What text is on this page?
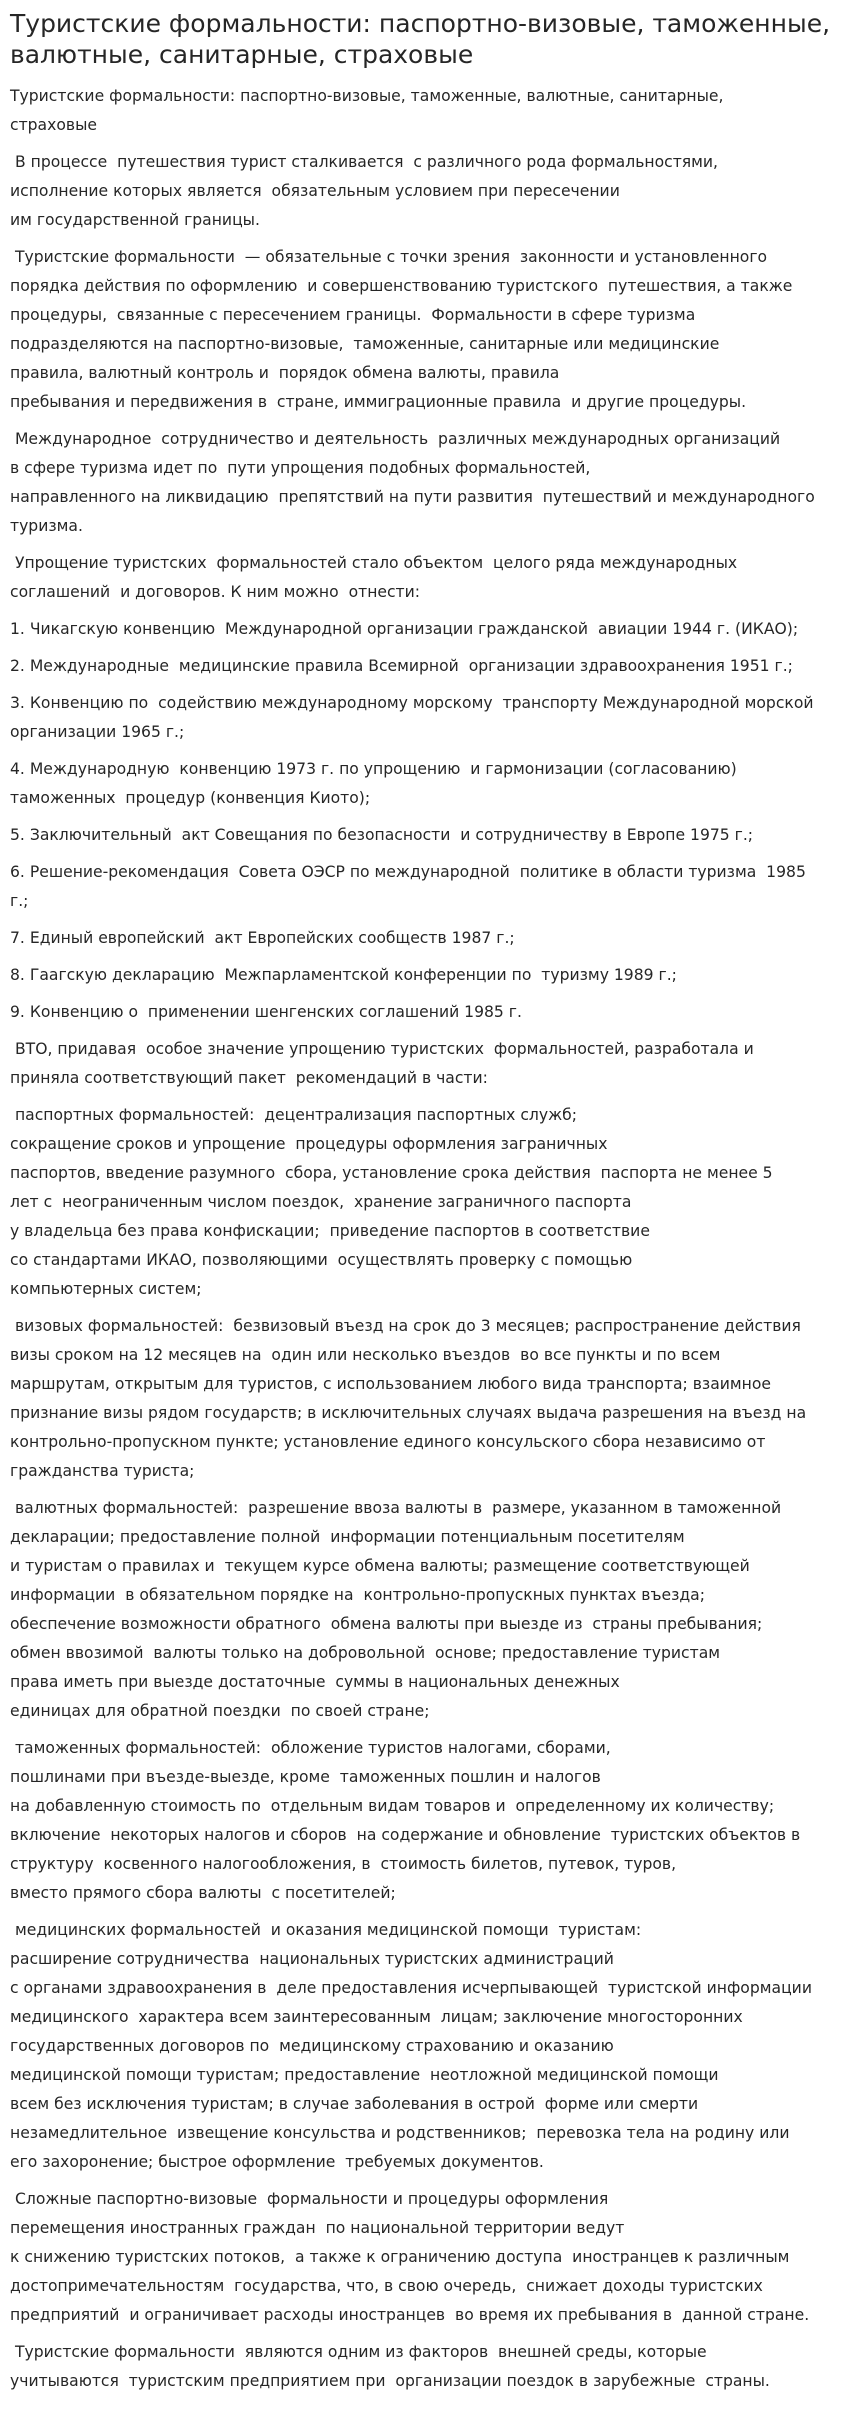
Туристские формальности: паспортно-визовые, таможенные, валютные, санитарные, страховые

Туристские формальности: паспортно-визовые, таможенные, валютные, санитарные,
страховые

В процессе  путешествия турист сталкивается  с различного рода формальностями,
исполнение которых является  обязательным условием при пересечении
им государственной границы.

Туристские формальности  — обязательные с точки зрения  законности и установленного
порядка действия по оформлению  и совершенствованию туристского  путешествия, а также
процедуры,  связанные с пересечением границы.  Формальности в сфере туризма
подразделяются на паспортно-визовые,  таможенные, санитарные или медицинские
правила, валютный контроль и  порядок обмена валюты, правила
пребывания и передвижения в  стране, иммиграционные правила  и другие процедуры.

Международное  сотрудничество и деятельность  различных международных организаций
в сфере туризма идет по  пути упрощения подобных формальностей,
направленного на ликвидацию  препятствий на пути развития  путешествий и международного
туризма.

Упрощение туристских  формальностей стало объектом  целого ряда международных
соглашений  и договоров. К ним можно  отнести:

1. Чикагскую конвенцию  Международной организации гражданской  авиации 1944 г. (ИКАО);

2. Международные  медицинские правила Всемирной  организации здравоохранения 1951 г.;

3. Конвенцию по  содействию международному морскому  транспорту Международной морской
организации 1965 г.;

4. Международную  конвенцию 1973 г. по упрощению  и гармонизации (согласованию)
таможенных  процедур (конвенция Киото);

5. Заключительный  акт Совещания по безопасности  и сотрудничеству в Европе 1975 г.;

6. Решение-рекомендация  Совета ОЭСР по международной  политике в области туризма  1985
г.;

7. Единый европейский  акт Европейских сообществ 1987 г.;

8. Гаагскую декларацию  Межпарламентской конференции по  туризму 1989 г.;

9. Конвенцию о  применении шенгенских соглашений 1985 г.

ВТО, придавая  особое значение упрощению туристских  формальностей, разработала и
приняла соответствующий пакет  рекомендаций в части:

паспортных формальностей:  децентрализация паспортных служб;
сокращение сроков и упрощение  процедуры оформления заграничных
паспортов, введение разумного  сбора, установление срока действия  паспорта не менее 5
лет с  неограниченным числом поездок,  хранение заграничного паспорта
у владельца без права конфискации;  приведение паспортов в соответствие
со стандартами ИКАО, позволяющими  осуществлять проверку с помощью
компьютерных систем;

визовых формальностей:  безвизовый въезд на срок до 3 месяцев; распространение действия
визы сроком на 12 месяцев на  один или несколько въездов  во все пункты и по всем
маршрутам, открытым для туристов, с использованием любого вида транспорта; взаимное
признание визы рядом государств; в исключительных случаях выдача разрешения на въезд на
контрольно-пропускном пункте; установление единого консульского сбора независимо от
гражданства туриста;

валютных формальностей:  разрешение ввоза валюты в  размере, указанном в таможенной
декларации; предоставление полной  информации потенциальным посетителям
и туристам о правилах и  текущем курсе обмена валюты; размещение соответствующей
информации  в обязательном порядке на  контрольно-пропускных пунктах въезда;
обеспечение возможности обратного  обмена валюты при выезде из  страны пребывания;
обмен ввозимой  валюты только на добровольной  основе; предоставление туристам
права иметь при выезде достаточные  суммы в национальных денежных
единицах для обратной поездки  по своей стране;

таможенных формальностей:  обложение туристов налогами, сборами,
пошлинами при въезде-выезде, кроме  таможенных пошлин и налогов
на добавленную стоимость по  отдельным видам товаров и  определенному их количеству;
включение  некоторых налогов и сборов  на содержание и обновление  туристских объектов в
структуру  косвенного налогообложения, в  стоимость билетов, путевок, туров,
вместо прямого сбора валюты  с посетителей;

медицинских формальностей  и оказания медицинской помощи  туристам:
расширение сотрудничества  национальных туристских администраций
с органами здравоохранения в  деле предоставления исчерпывающей  туристской информации
медицинского  характера всем заинтересованным  лицам; заключение многосторонних
государственных договоров по  медицинскому страхованию и оказанию
медицинской помощи туристам; предоставление  неотложной медицинской помощи
всем без исключения туристам; в случае заболевания в острой  форме или смерти
незамедлительное  извещение консульства и родственников;  перевозка тела на родину или
его захоронение; быстрое оформление  требуемых документов.

Сложные паспортно-визовые  формальности и процедуры оформления
перемещения иностранных граждан  по национальной территории ведут
к снижению туристских потоков,  а также к ограничению доступа  иностранцев к различным
достопримечательностям  государства, что, в свою очередь,  снижает доходы туристских
предприятий  и ограничивает расходы иностранцев  во время их пребывания в  данной стране.

Туристские формальности  являются одним из факторов  внешней среды, которые
учитываются  туристским предприятием при  организации поездок в зарубежные  страны.
